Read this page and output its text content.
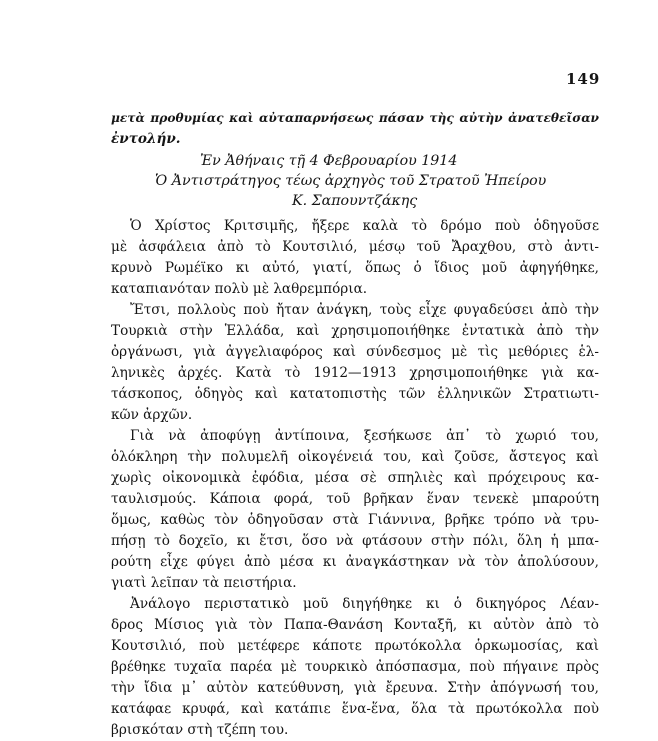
149
μετὰ προθυμίας καὶ αὐταπαρνήσεως πάσαν τὴς αὐτὴν ἀνατεθεῖσαν
ἐντολήν.
Ἐν Ἀθήναις τῇ 4 Φεβρουαρίου 1914
Ὁ Ἀντιστράτηγος τέως ἀρχηγὸς τοῦ Στρατοῦ Ἠπείρου
Κ. Σαπουντζάκης
Ὁ Χρίστος Κριτσιμῆς, ἤξερε καλὰ τὸ δρόμο ποὺ ὁδηγοῦσε
μὲ ἀσφάλεια ἀπὸ τὸ Κουτσιλιό, μέσῳ τοῦ Ἄραχθου, στὸ ἀντι-
κρυνὸ Ρωμέϊκο κι αὐτό, γιατί, ὅπως ὁ ἴδιος μοῦ ἀφηγήθηκε,
καταπιανόταν πολὺ μὲ λαθρεμπόρια.
Ἔτσι, πολλοὺς ποὺ ἤταν ἀνάγκη, τοὺς εἶχε φυγαδεύσει ἀπὸ τὴν
Τουρκιὰ στὴν Ἑλλάδα, καὶ χρησιμοποιήθηκε ἐντατικὰ ἀπὸ τὴν
ὀργάνωσι, γιὰ ἀγγελιαφόρος καὶ σύνδεσμος μὲ τὶς μεθόριες ἑλ-
ληνικὲς ἀρχές. Κατὰ τὸ 1912—1913 χρησιμοποιήθηκε γιὰ κα-
τάσκοπος, ὁδηγὸς καὶ κατατοπιστὴς τῶν ἑλληνικῶν Στρατιωτι-
κῶν ἀρχῶν.
Γιὰ νὰ ἀποφύγῃ ἀντίποινα, ξεσήκωσε ἀπ᾿ τὸ χωριό του,
ὁλόκληρη τὴν πολυμελῆ οἰκογένειά του, καὶ ζοῦσε, ἄστεγος καὶ
χωρὶς οἰκονομικὰ ἐφόδια, μέσα σὲ σπηλιὲς καὶ πρόχειρους κα-
ταυλισμούς. Κάποια φορά, τοῦ βρῆκαν ἕναν τενεκὲ μπαρούτη
ὅμως, καθὼς τὸν ὁδηγοῦσαν στὰ Γιάννινα, βρῆκε τρόπο νὰ τρυ-
πήσῃ τὸ δοχεῖο, κι ἔτσι, ὅσο νὰ φτάσουν στὴν πόλι, ὅλη ἡ μπα-
ρούτη εἶχε φύγει ἀπὸ μέσα κι ἀναγκάστηκαν νὰ τὸν ἀπολύσουν,
γιατὶ λεῖπαν τὰ πειστήρια.
Ἀνάλογο περιστατικὸ μοῦ διηγήθηκε κι ὁ δικηγόρος Λέαν-
δρος Μίσιος γιὰ τὸν Παπα-Θανάση Κονταξῆ, κι αὐτὸν ἀπὸ τὸ
Κουτσιλιό, ποὺ μετέφερε κάποτε πρωτόκολλα ὁρκωμοσίας, καὶ
βρέθηκε τυχαῖα παρέα μὲ τουρκικὸ ἀπόσπασμα, ποὺ πήγαινε πρὸς
τὴν ἴδια μ᾿ αὐτὸν κατεύθυνση, γιὰ ἔρευνα. Στὴν ἀπόγνωσή του,
κατάφαε κρυφά, καὶ κατάπιε ἕνα-ἕνα, ὅλα τὰ πρωτόκολλα ποὺ
βρισκόταν στὴ τζέπη του.
